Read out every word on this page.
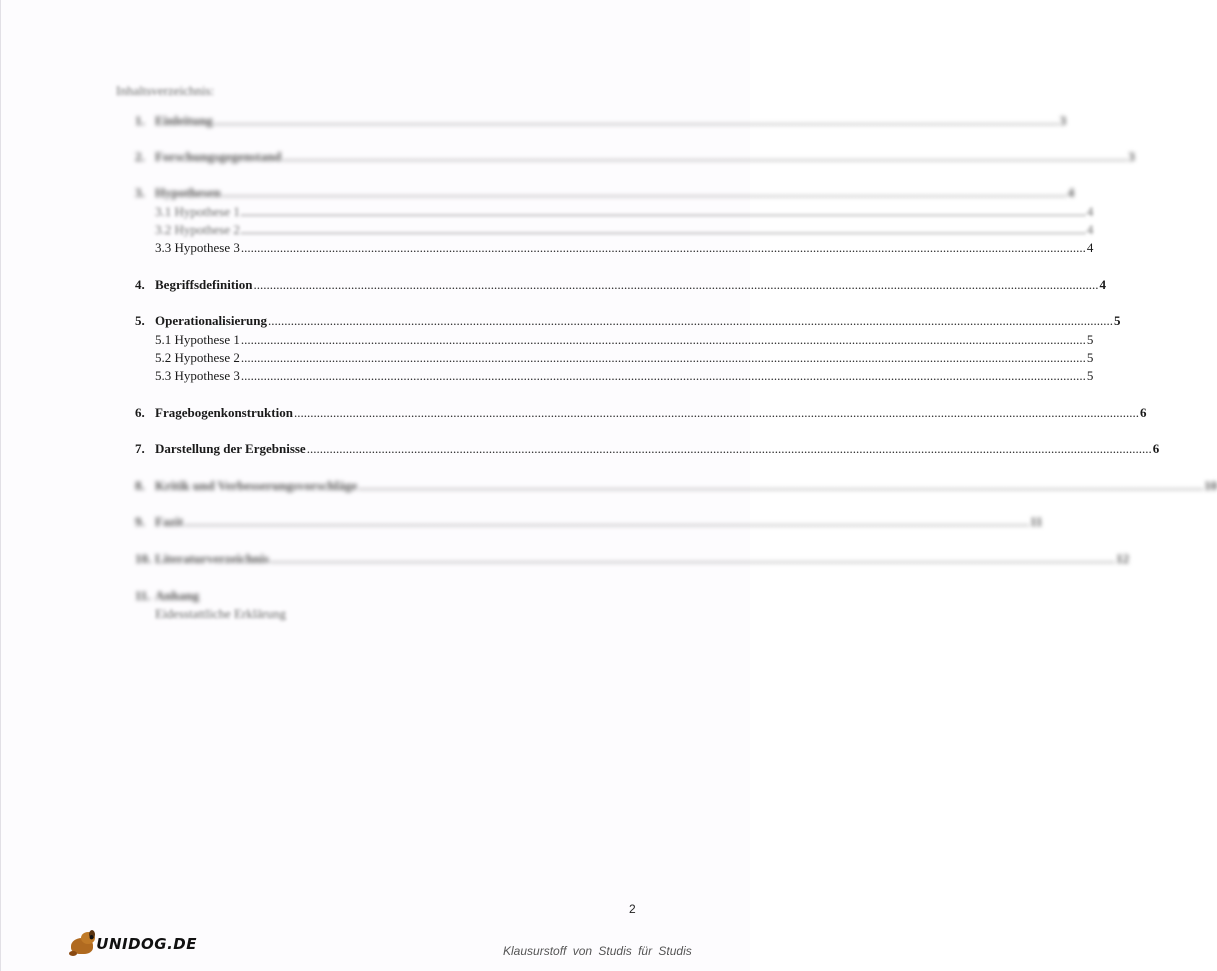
Inhaltsverzeichnis:
1. Einleitung .................................................................................................................................................................................................................................................................... 3
2. Forschungsgegenstand .................................................................................................................................................................................................................................................................... 3
3. Hypothesen .................................................................................................................................................................................................................................................................... 4
3.1 Hypothese 1 .................................................................................................................................................................................................................................................................... 4
3.2 Hypothese 2 .................................................................................................................................................................................................................................................................... 4
3.3 Hypothese 3 .................................................................................................................................................................................................................................................................... 4
4. Begriffsdefinition .................................................................................................................................................................................................................................................................... 4
5. Operationalisierung .................................................................................................................................................................................................................................................................... 5
5.1 Hypothese 1 .................................................................................................................................................................................................................................................................... 5
5.2 Hypothese 2 .................................................................................................................................................................................................................................................................... 5
5.3 Hypothese 3 .................................................................................................................................................................................................................................................................... 5
6. Fragebogenkonstruktion .................................................................................................................................................................................................................................................................... 6
7. Darstellung der Ergebnisse .................................................................................................................................................................................................................................................................... 6
8. Kritik und Verbesserungsvorschläge .................................................................................................................................................................................................................................................................... 10
9. Fazit .................................................................................................................................................................................................................................................................... 11
10. Literaturverzeichnis .................................................................................................................................................................................................................................................................... 12
11. Anhang
Eidesstattliche Erklärung
2
● UNIDOG.DE	Klausurstoff von Studis für Studis
